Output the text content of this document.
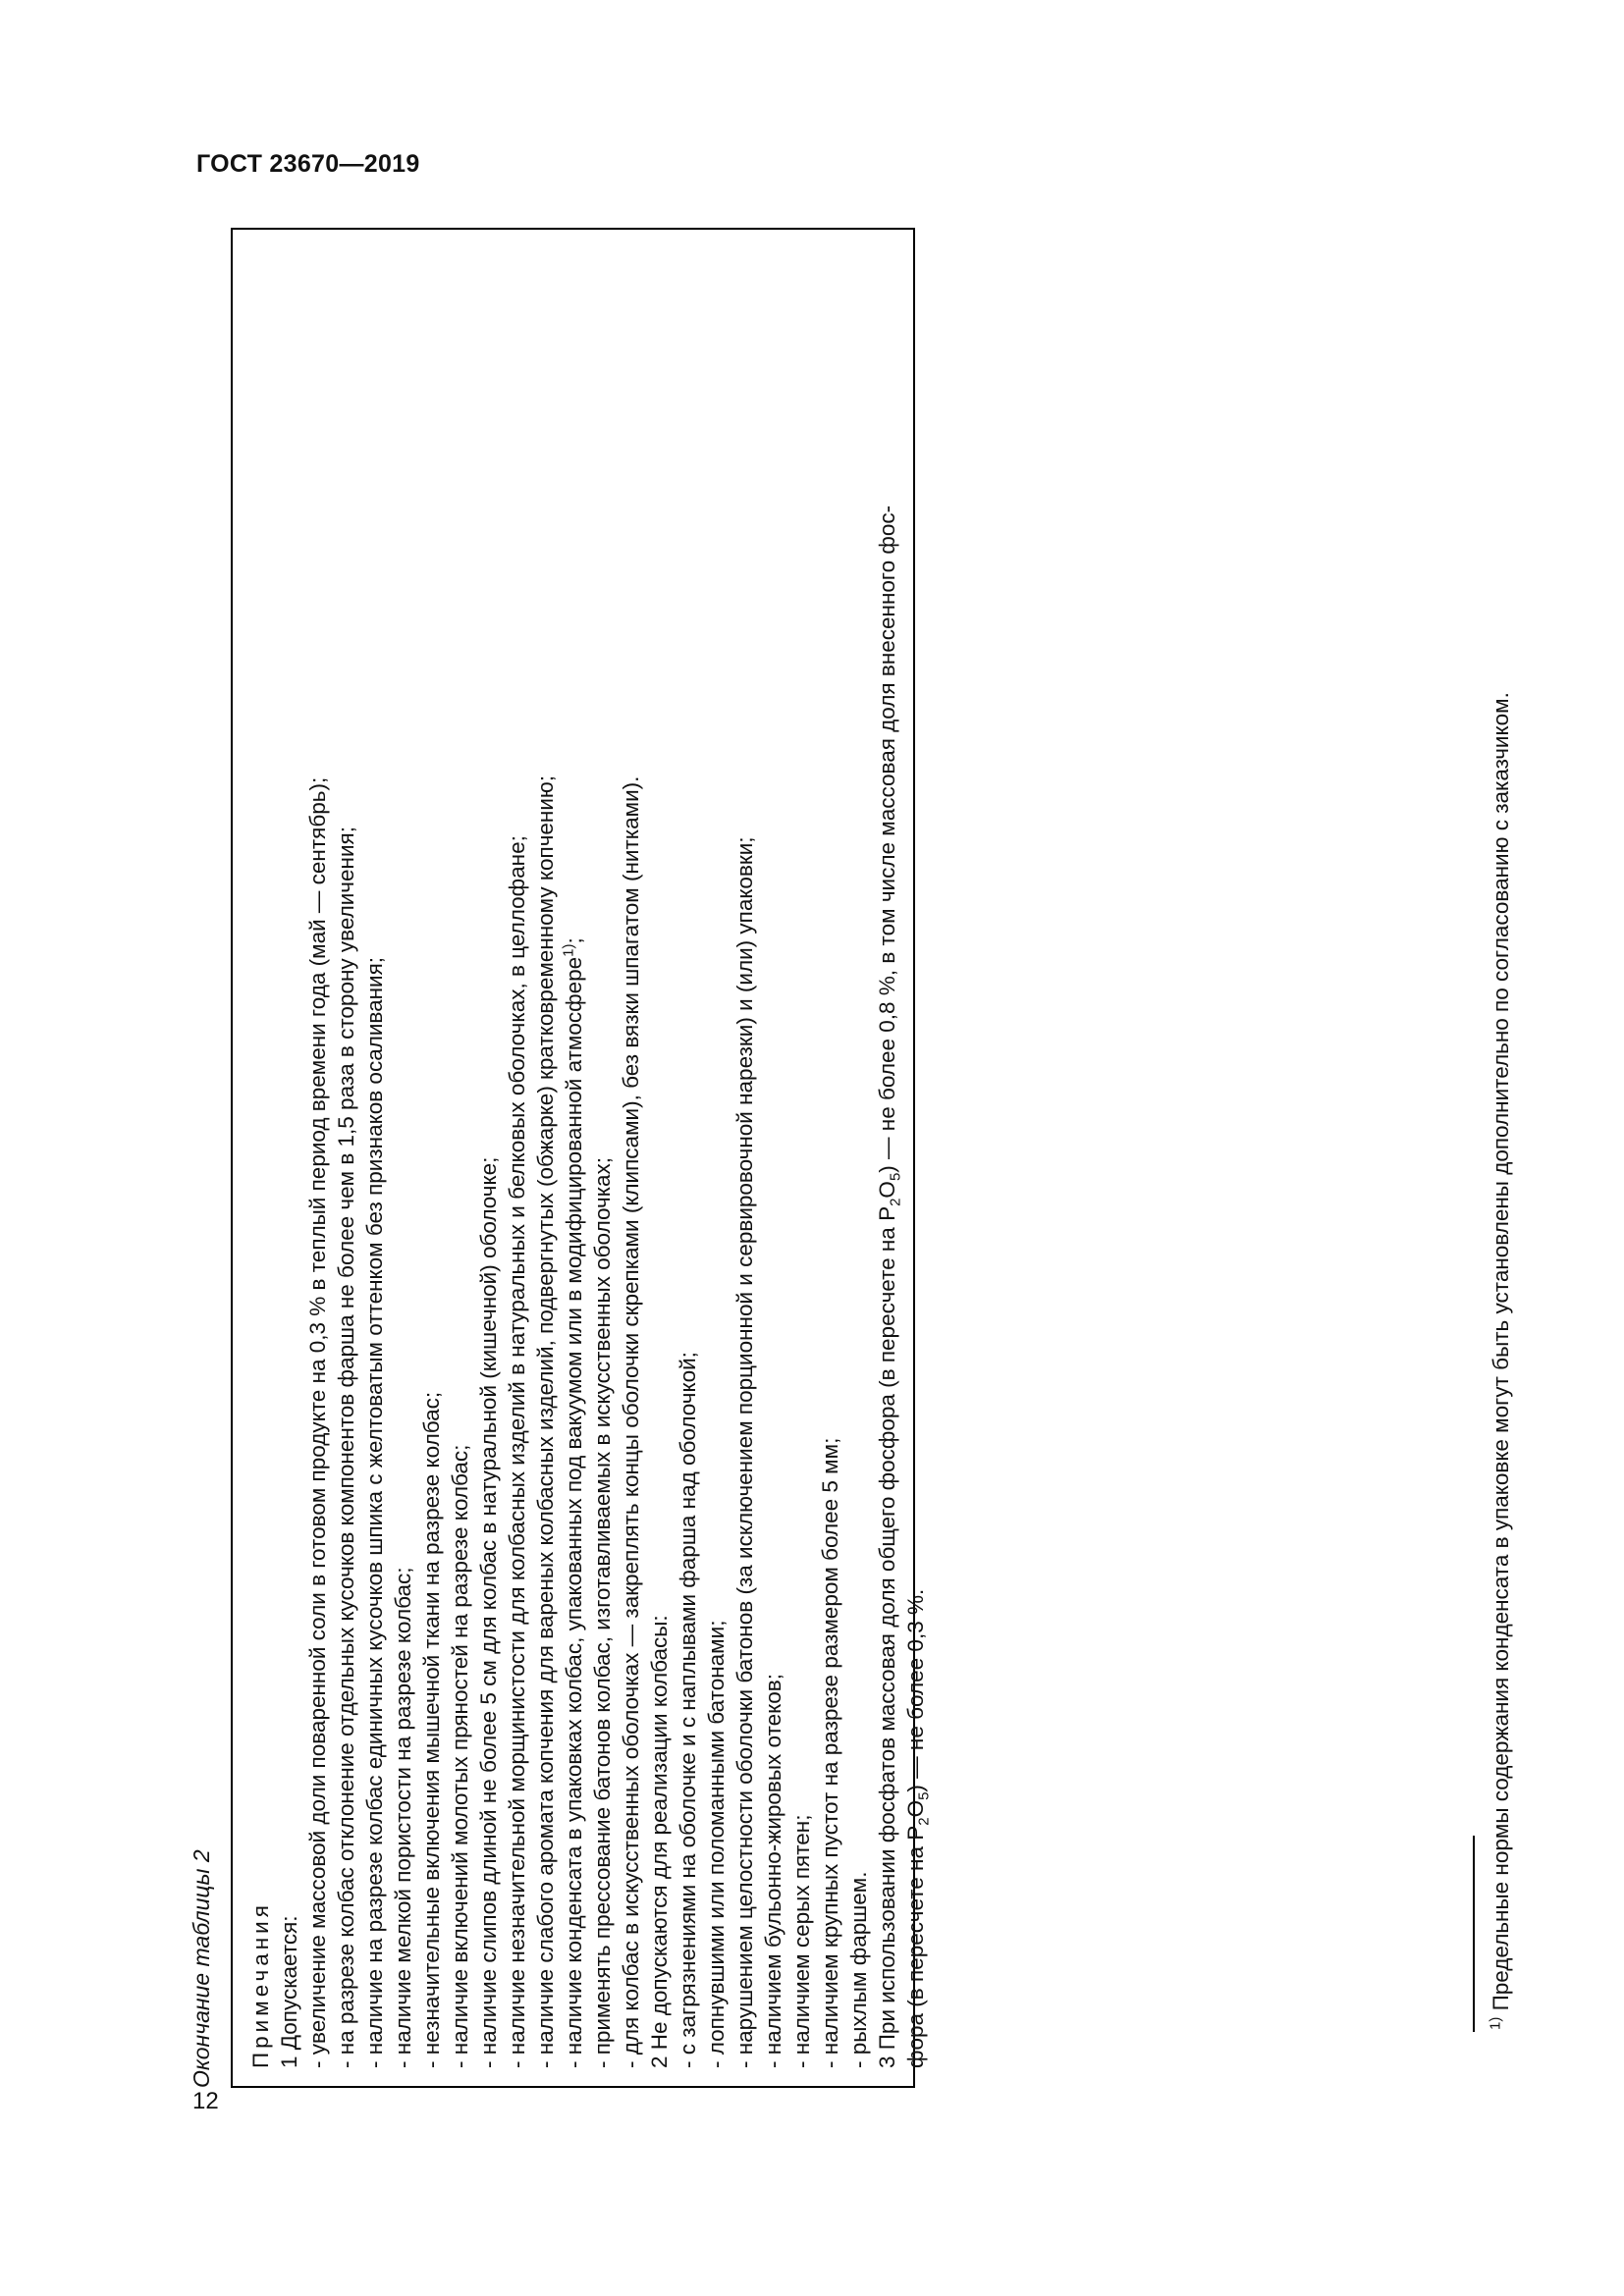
ГОСТ 23670—2019
12
Окончание таблицы 2 Примечания 1 Допускается: - увеличение массовой доли поваренной соли в готовом продукте на 0,3 % в теплый период времени года (май — сентябрь); - на разрезе колбас отклонение отдельных кусочков компонентов фарша не более чем в 1,5 раза в сторону увеличения; - наличие на разрезе колбас единичных кусочков шпика с желтоватым оттенком без признаков осаливания; - наличие мелкой пористости на разрезе колбас; - незначительные включения мышечной ткани на разрезе колбас; - наличие включений молотых пряностей на разрезе колбас; - наличие слипов длиной не более 5 см для колбас в натуральной (кишечной) оболочке; - наличие незначительной морщинистости для колбасных изделий в натуральных и белковых оболочках, в целлофане; - наличие слабого аромата копчения для вареных колбасных изделий, подвергнутых (обжарке) кратковременному копчению; - наличие конденсата в упаковках колбас, упакованных под вакуумом или в модифицированной атмосфере$^{1)}$;
- применять прессование батонов колбас, изготавливаемых в искусственных оболочках; - для колбас в искусственных оболочках — закреплять концы оболочки скрепками (клипсами), без вязки шпагатом (нитками). 2 Не допускаются для реализации колбасы: - с загрязнениями на оболочке и с наплывами фарша над оболочкой; - лопнувшими или поломанными батонами; - нарушением целостности оболочки батонов (за исключением порционной и сервировочной нарезки) и (или) упаковки; - наличием бульонно-жировых отеков; - наличием серых пятен; - наличием крупных пустот на разрезе размером более 5 мм; - рыхлым фаршем. 3 При использовании фосфатов массовая доля общего фосфора (в пересчете на $P_2O_5$) — не более 0,8 %, в том числе массовая доля внесенного фос-
фора (в пересчете на $P_2O_5$) — не более 0,3 %.
$^{1)}$ Предельные нормы содержания конденсата в упаковке могут быть установлены дополнительно по согласованию с заказчиком.
